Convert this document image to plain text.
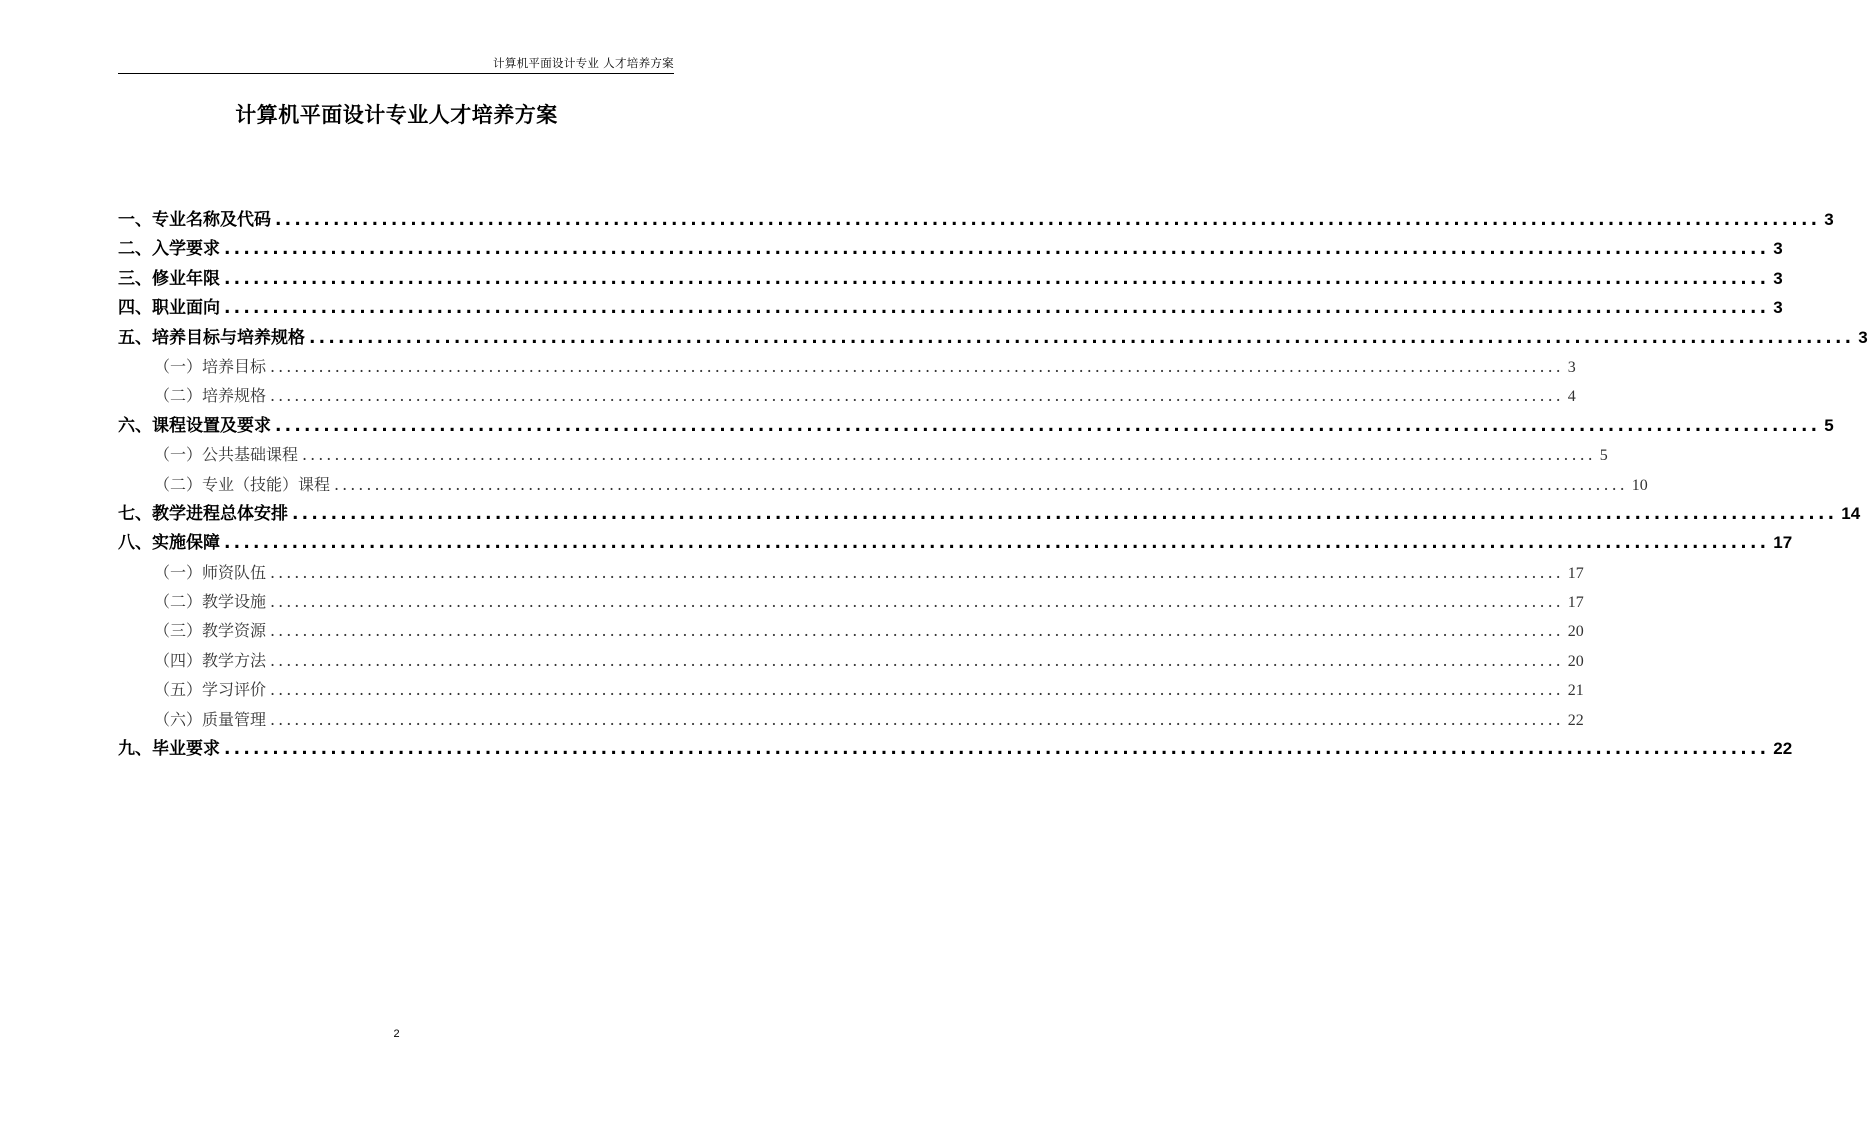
计算机平面设计专业 人才培养方案
计算机平面设计专业人才培养方案
一、专业名称及代码 ................................................................................................................................................................ 3
二、入学要求 ................................................................................................................................................................ 3
三、修业年限 ................................................................................................................................................................ 3
四、职业面向 ................................................................................................................................................................ 3
五、培养目标与培养规格 ................................................................................................................................................................ 3
（一）培养目标 ................................................................................................................................................................ 3
（二）培养规格 ................................................................................................................................................................ 4
六、课程设置及要求 ................................................................................................................................................................ 5
（一）公共基础课程 ................................................................................................................................................................ 5
（二）专业（技能）课程 ................................................................................................................................................................ 10
七、教学进程总体安排 ................................................................................................................................................................ 14
八、实施保障 ................................................................................................................................................................ 17
（一）师资队伍 ................................................................................................................................................................ 17
（二）教学设施 ................................................................................................................................................................ 17
（三）教学资源 ................................................................................................................................................................ 20
（四）教学方法 ................................................................................................................................................................ 20
（五）学习评价 ................................................................................................................................................................ 21
（六）质量管理 ................................................................................................................................................................ 22
九、毕业要求 ................................................................................................................................................................ 22
2
